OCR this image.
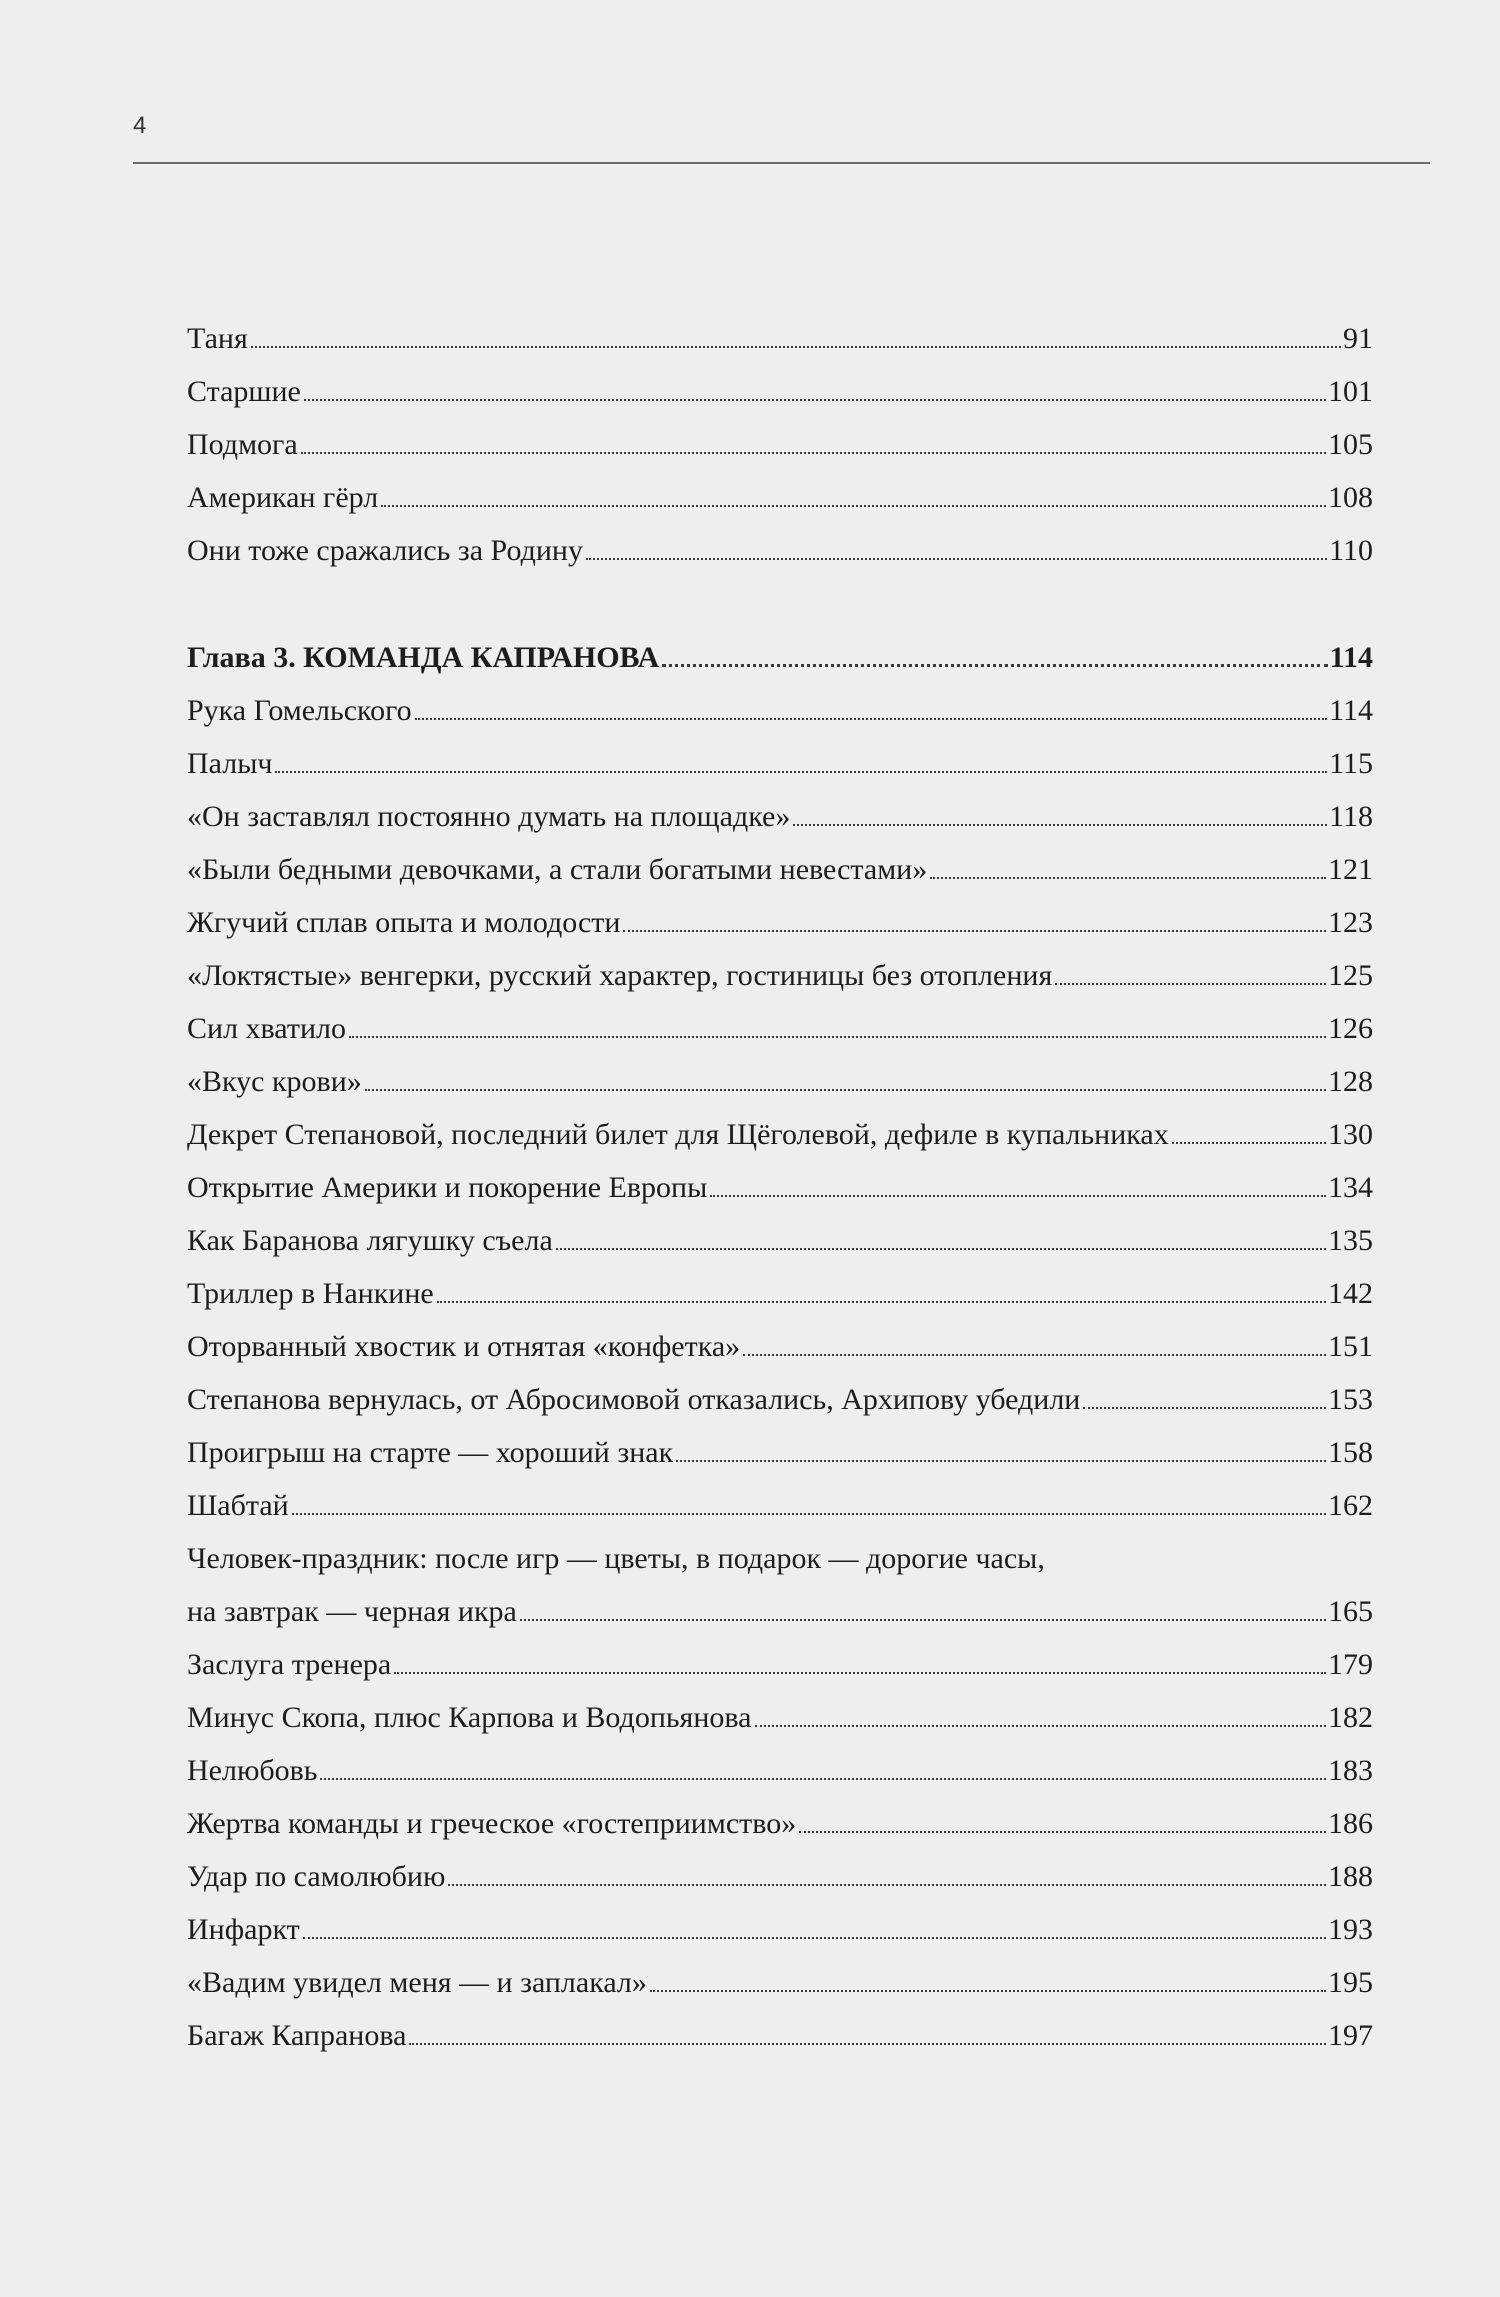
4
Таня	91
Старшие	101
Подмога	105
Американ гёрл	108
Они тоже сражались за Родину	110
Глава 3. КОМАНДА КАПРАНОВА	114
Рука Гомельского	114
Палыч	115
«Он заставлял постоянно думать на площадке»	118
«Были бедными девочками, а стали богатыми невестами»	121
Жгучий сплав опыта и молодости	123
«Локтястые» венгерки, русский характер, гостиницы без отопления	125
Сил хватило	126
«Вкус крови»	128
Декрет Степановой, последний билет для Щёголевой, дефиле в купальниках	130
Открытие Америки и покорение Европы	134
Как Баранова лягушку съела	135
Триллер в Нанкине	142
Оторванный хвостик и отнятая «конфетка»	151
Степанова вернулась, от Абросимовой отказались, Архипову убедили	153
Проигрыш на старте — хороший знак	158
Шабтай	162
Человек-праздник: после игр — цветы, в подарок — дорогие часы,
на завтрак — черная икра	165
Заслуга тренера	179
Минус Скопа, плюс Карпова и Водопьянова	182
Нелюбовь	183
Жертва команды и греческое «гостеприимство»	186
Удар по самолюбию	188
Инфаркт	193
«Вадим увидел меня — и заплакал»	195
Багаж Капранова	197
